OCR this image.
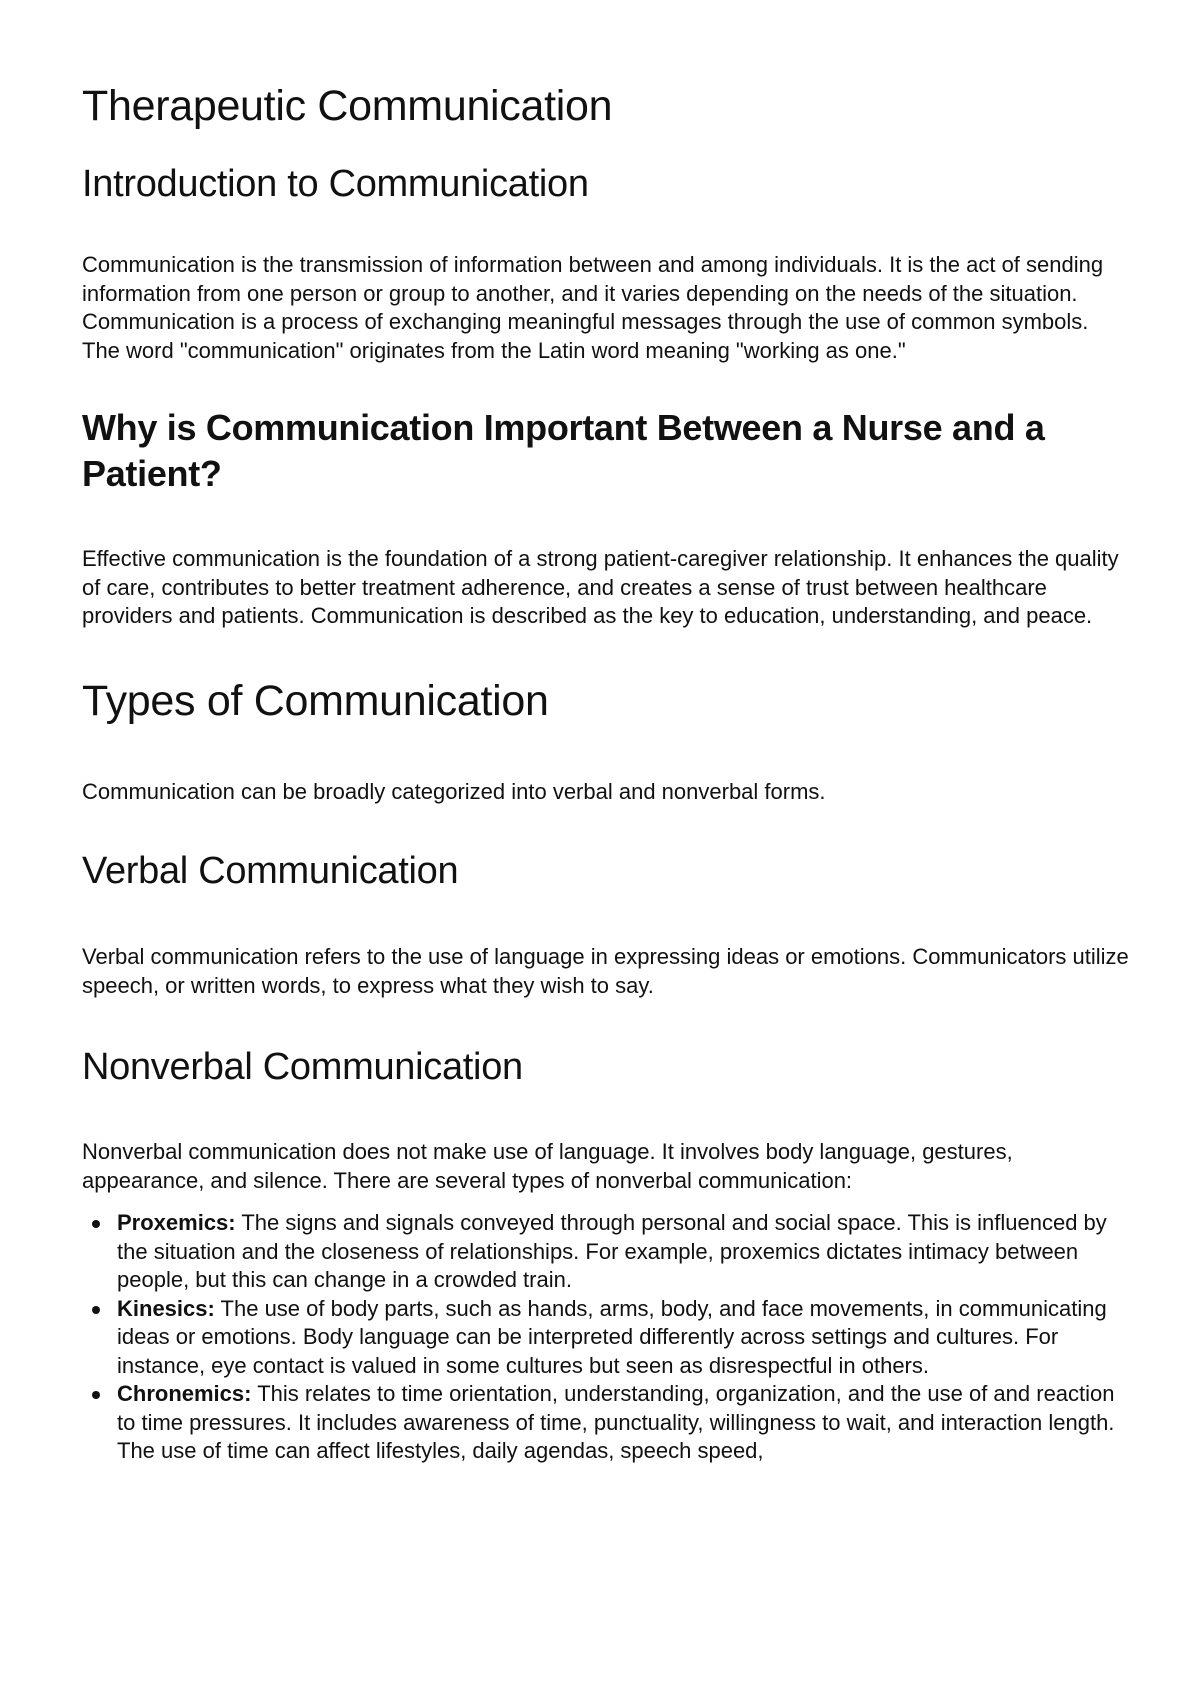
Therapeutic Communication
Introduction to Communication

Communication is the transmission of information between and among individuals. It is the act of sending information from one person or group to another, and it varies depending on the needs of the situation. Communication is a process of exchanging meaningful messages through the use of common symbols. The word "communication" originates from the Latin word meaning "working as one."

Why is Communication Important Between a Nurse and a Patient?

Effective communication is the foundation of a strong patient-caregiver relationship. It enhances the quality of care, contributes to better treatment adherence, and creates a sense of trust between healthcare providers and patients. Communication is described as the key to education, understanding, and peace.

Types of Communication

Communication can be broadly categorized into verbal and nonverbal forms.

Verbal Communication

Verbal communication refers to the use of language in expressing ideas or emotions. Communicators utilize speech, or written words, to express what they wish to say.

Nonverbal Communication

Nonverbal communication does not make use of language. It involves body language, gestures, appearance, and silence. There are several types of nonverbal communication:

Proxemics: The signs and signals conveyed through personal and social space. This is influenced by the situation and the closeness of relationships. For example, proxemics dictates intimacy between people, but this can change in a crowded train.
Kinesics: The use of body parts, such as hands, arms, body, and face movements, in communicating ideas or emotions. Body language can be interpreted differently across settings and cultures. For instance, eye contact is valued in some cultures but seen as disrespectful in others.
Chronemics: This relates to time orientation, understanding, organization, and the use of and reaction to time pressures. It includes awareness of time, punctuality, willingness to wait, and interaction length. The use of time can affect lifestyles, daily agendas, speech speed,
